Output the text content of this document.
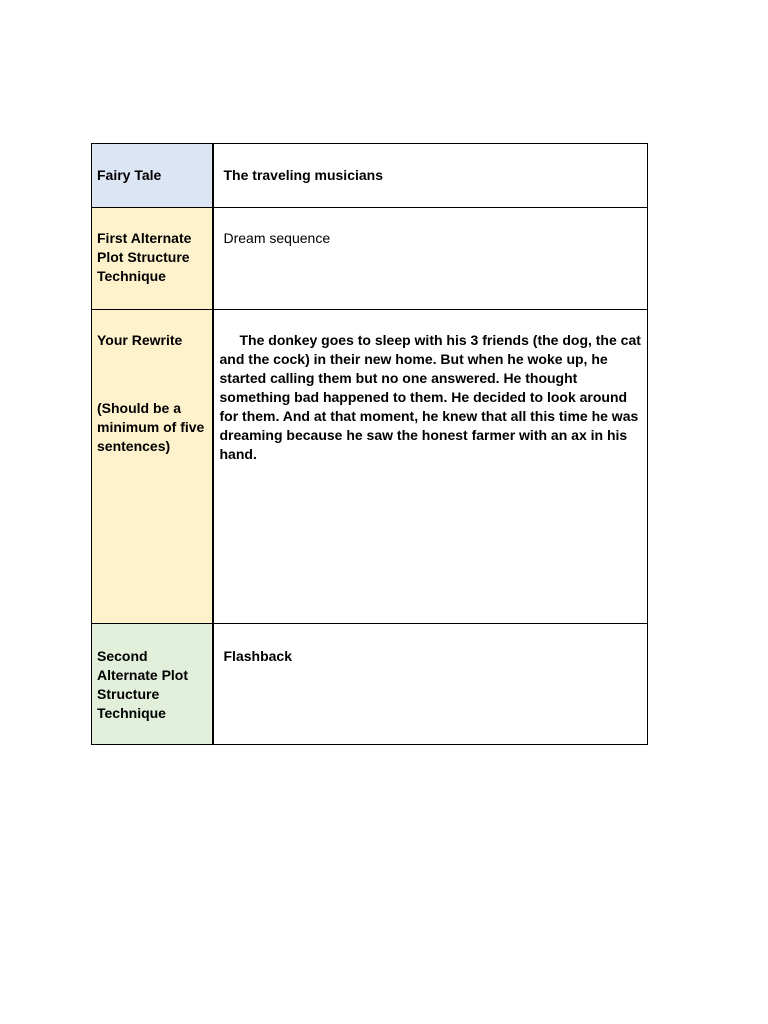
Fairy Tale	The traveling musicians
First Alternate Plot Structure Technique	Dream sequence

Your Rewrite
(Should be a minimum of five sentences)	The donkey goes to sleep with his 3 friends (the dog, the cat and the cock) in their new home. But when he woke up, he started calling them but no one answered. He thought something bad happened to them. He decided to look around for them. And at that moment, he knew that all this time he was dreaming because he saw the honest farmer with an ax in his hand.

Second Alternate Plot Structure Technique	Flashback
